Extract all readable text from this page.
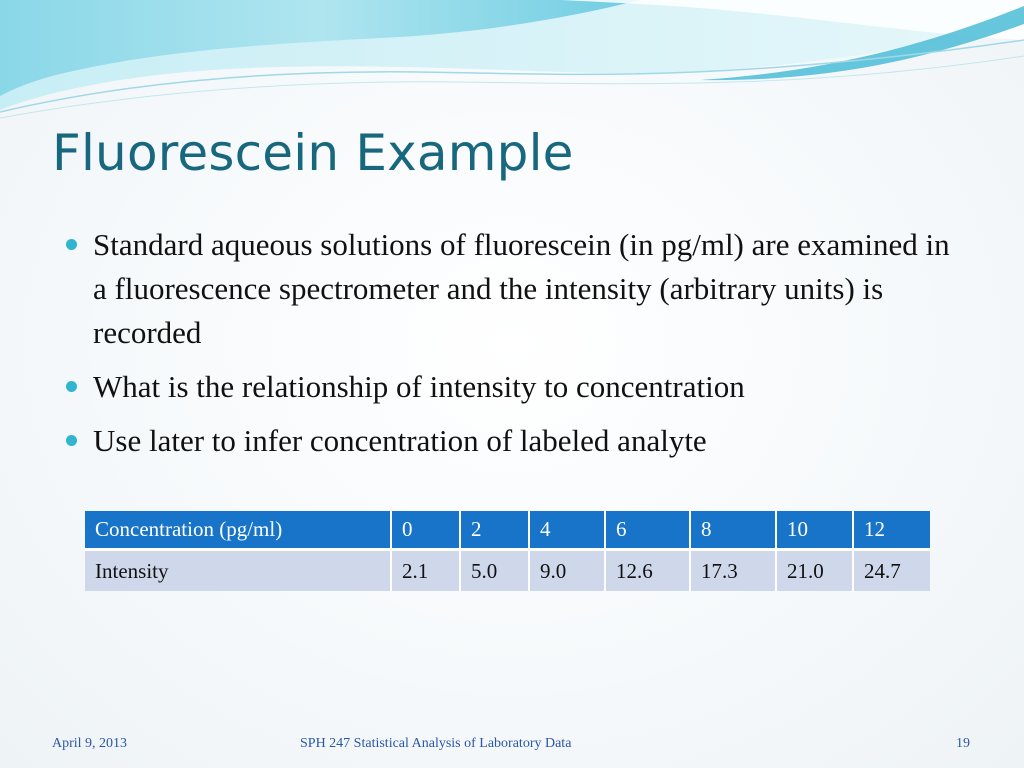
Fluorescein Example
Standard aqueous solutions of fluorescein (in pg/ml) are examined in a fluorescence spectrometer and the intensity (arbitrary units) is recorded
What is the relationship of intensity to concentration
Use later to infer concentration of labeled analyte
Concentration (pg/ml)	0	2	4	6	8	10	12
Intensity	2.1	5.0	9.0	12.6	17.3	21.0	24.7
April 9, 2013	SPH 247 Statistical Analysis of Laboratory Data	19
